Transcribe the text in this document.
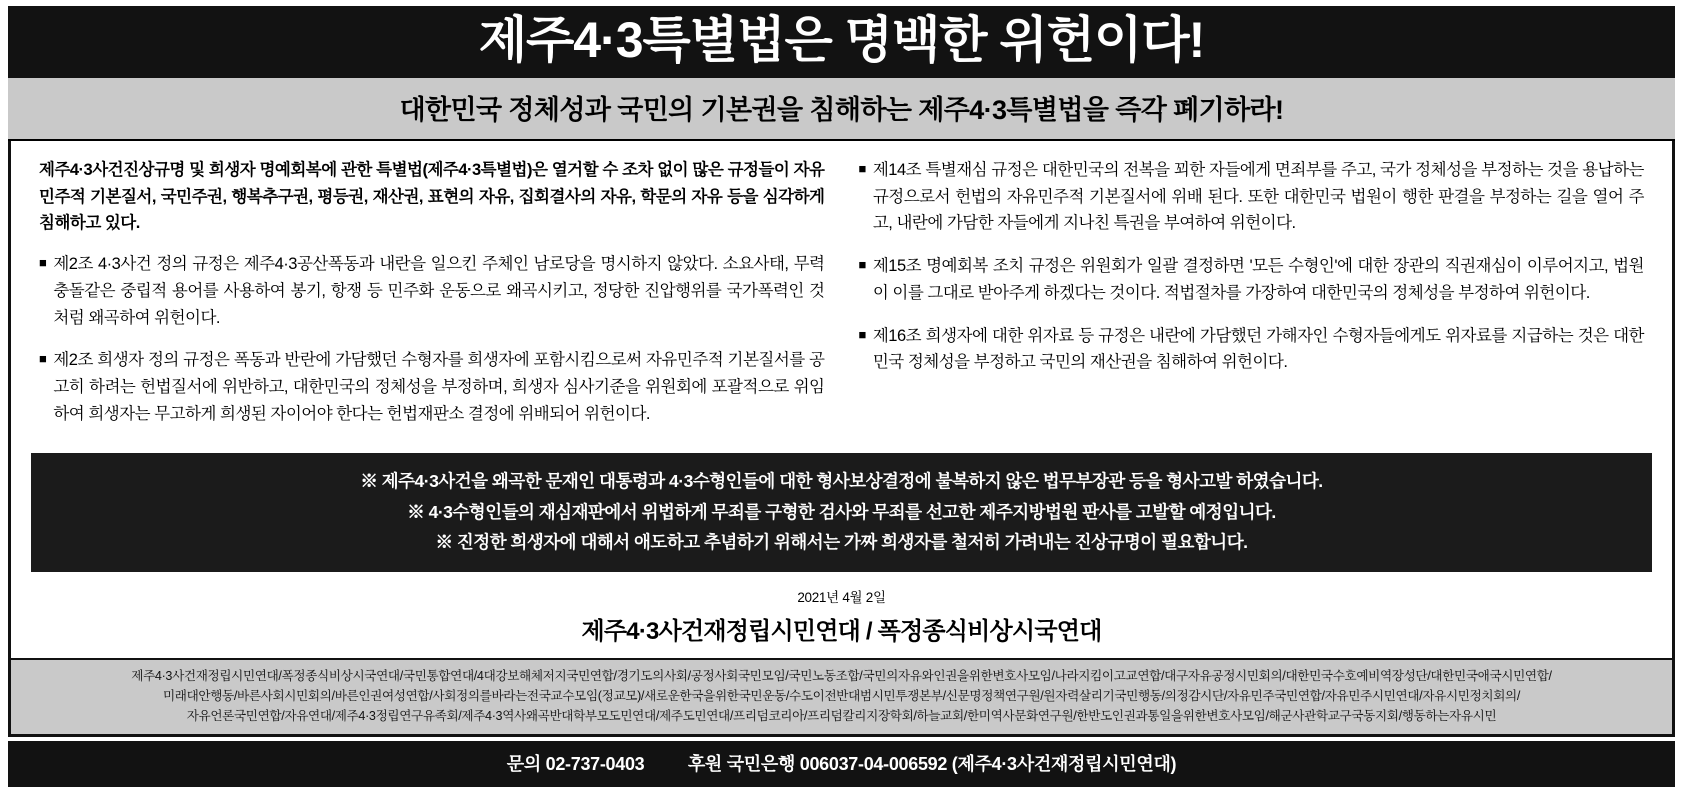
제주4·3특별법은 명백한 위헌이다!
대한민국 정체성과 국민의 기본권을 침해하는 제주4·3특별법을 즉각 폐기하라!

제주4·3사건진상규명 및 희생자 명예회복에 관한 특별법(제주4·3특별법)은 열거할 수 조차 없이 많은 규정들이 자유민주적 기본질서, 국민주권, 행복추구권, 평등권, 재산권, 표현의 자유, 집회결사의 자유, 학문의 자유 등을 심각하게 침해하고 있다.

■ 제2조 4·3사건 정의 규정은 제주4·3공산폭동과 내란을 일으킨 주체인 남로당을 명시하지 않았다. 소요사태, 무력충돌같은 중립적 용어를 사용하여 봉기, 항쟁 등 민주화 운동으로 왜곡시키고, 정당한 진압행위를 국가폭력인 것처럼 왜곡하여 위헌이다.
■ 제2조 희생자 정의 규정은 폭동과 반란에 가담했던 수형자를 희생자에 포함시킴으로써 자유민주적 기본질서를 공고히 하려는 헌법질서에 위반하고, 대한민국의 정체성을 부정하며, 희생자 심사기준을 위원회에 포괄적으로 위임하여 희생자는 무고하게 희생된 자이어야 한다는 헌법재판소 결정에 위배되어 위헌이다.
■ 제14조 특별재심 규정은 대한민국의 전복을 꾀한 자들에게 면죄부를 주고, 국가 정체성을 부정하는 것을 용납하는 규정으로서 헌법의 자유민주적 기본질서에 위배 된다. 또한 대한민국 법원이 행한 판결을 부정하는 길을 열어 주고, 내란에 가담한 자들에게 지나친 특권을 부여하여 위헌이다.
■ 제15조 명예회복 조치 규정은 위원회가 일괄 결정하면 '모든 수형인'에 대한 장관의 직권재심이 이루어지고, 법원이 이를 그대로 받아주게 하겠다는 것이다. 적법절차를 가장하여 대한민국의 정체성을 부정하여 위헌이다.
■ 제16조 희생자에 대한 위자료 등 규정은 내란에 가담했던 가해자인 수형자들에게도 위자료를 지급하는 것은 대한민국 정체성을 부정하고 국민의 재산권을 침해하여 위헌이다.
※ 제주4·3사건을 왜곡한 문재인 대통령과 4·3수형인들에 대한 형사보상결정에 불복하지 않은 법무부장관 등을 형사고발 하였습니다.
※ 4·3수형인들의 재심재판에서 위법하게 무죄를 구형한 검사와 무죄를 선고한 제주지방법원 판사를 고발할 예정입니다.
※ 진정한 희생자에 대해서 애도하고 추념하기 위해서는 가짜 희생자를 철저히 가려내는 진상규명이 필요합니다.
2021년 4월 2일
제주4·3사건재정립시민연대 / 폭정종식비상시국연대
제주4·3사건재정립시민연대/폭정종식비상시국연대/국민통합연대/4대강보해체저지국민연합/경기도의사회/공정사회국민모임/국민노동조합/국민의자유와인권을위한변호사모임/나라지킴이고교연합/대구자유공정시민회의/대한민국수호예비역장성단/대한민국애국시민연합/
미래대안행동/바른사회시민회의/바른인권여성연합/사회정의를바라는전국교수모임(정교모)/새로운한국을위한국민운동/수도이전반대범시민투쟁본부/신문명정책연구원/원자력살리기국민행동/의정감시단/자유민주국민연합/자유민주시민연대/자유시민정치회의/
자유언론국민연합/자유연대/제주4·3정립연구유족회/제주4·3역사왜곡반대학부모도민연대/제주도민연대/프리덤코리아/프리덤칼리지장학회/하늘교회/한미역사문화연구원/한반도인권과통일을위한변호사모임/해군사관학교구국동지회/행동하는자유시민
문의 02-737-0403 후원 국민은행 006037-04-006592 (제주4·3사건재정립시민연대)
